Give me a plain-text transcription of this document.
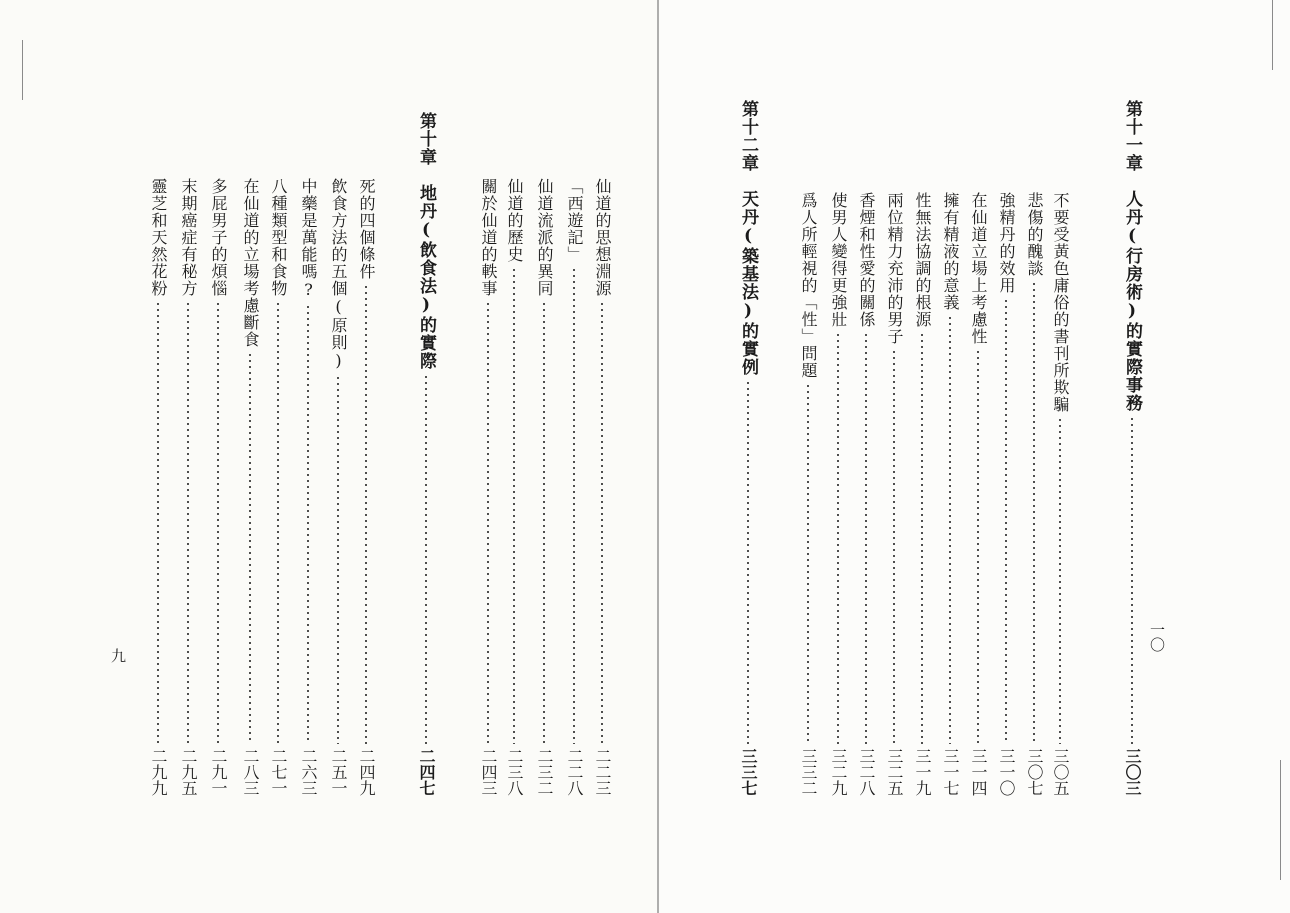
仙道的思想淵源
二二三
「西遊記」
二二八
仙道流派的異同
二三二
仙道的歷史
二三八
關於仙道的軼事
二四三
第十章　地丹(飲食法)的實際
二四七
死的四個條件
二四九
飲食方法的五個(原則)
二五一
中藥是萬能嗎?
二六三
八種類型和食物
二七一
在仙道的立場考慮斷食
二八三
多屁男子的煩惱
二九一
末期癌症有秘方
二九五
靈芝和天然花粉
二九九
九
第十一章　人丹(行房術)的實際事務
三〇三
不要受黃色庸俗的書刊所欺騙
三〇五
悲傷的醜談
三〇七
強精丹的效用
三一〇
在仙道立場上考慮性
三一四
擁有精液的意義
三一七
性無法協調的根源
三一九
兩位精力充沛的男子
三二五
香煙和性愛的關係
三二八
使男人變得更強壯
三二九
爲人所輕視的「性」問題
三三二
第十二章　天丹(築基法)的實例
三三七
一〇
